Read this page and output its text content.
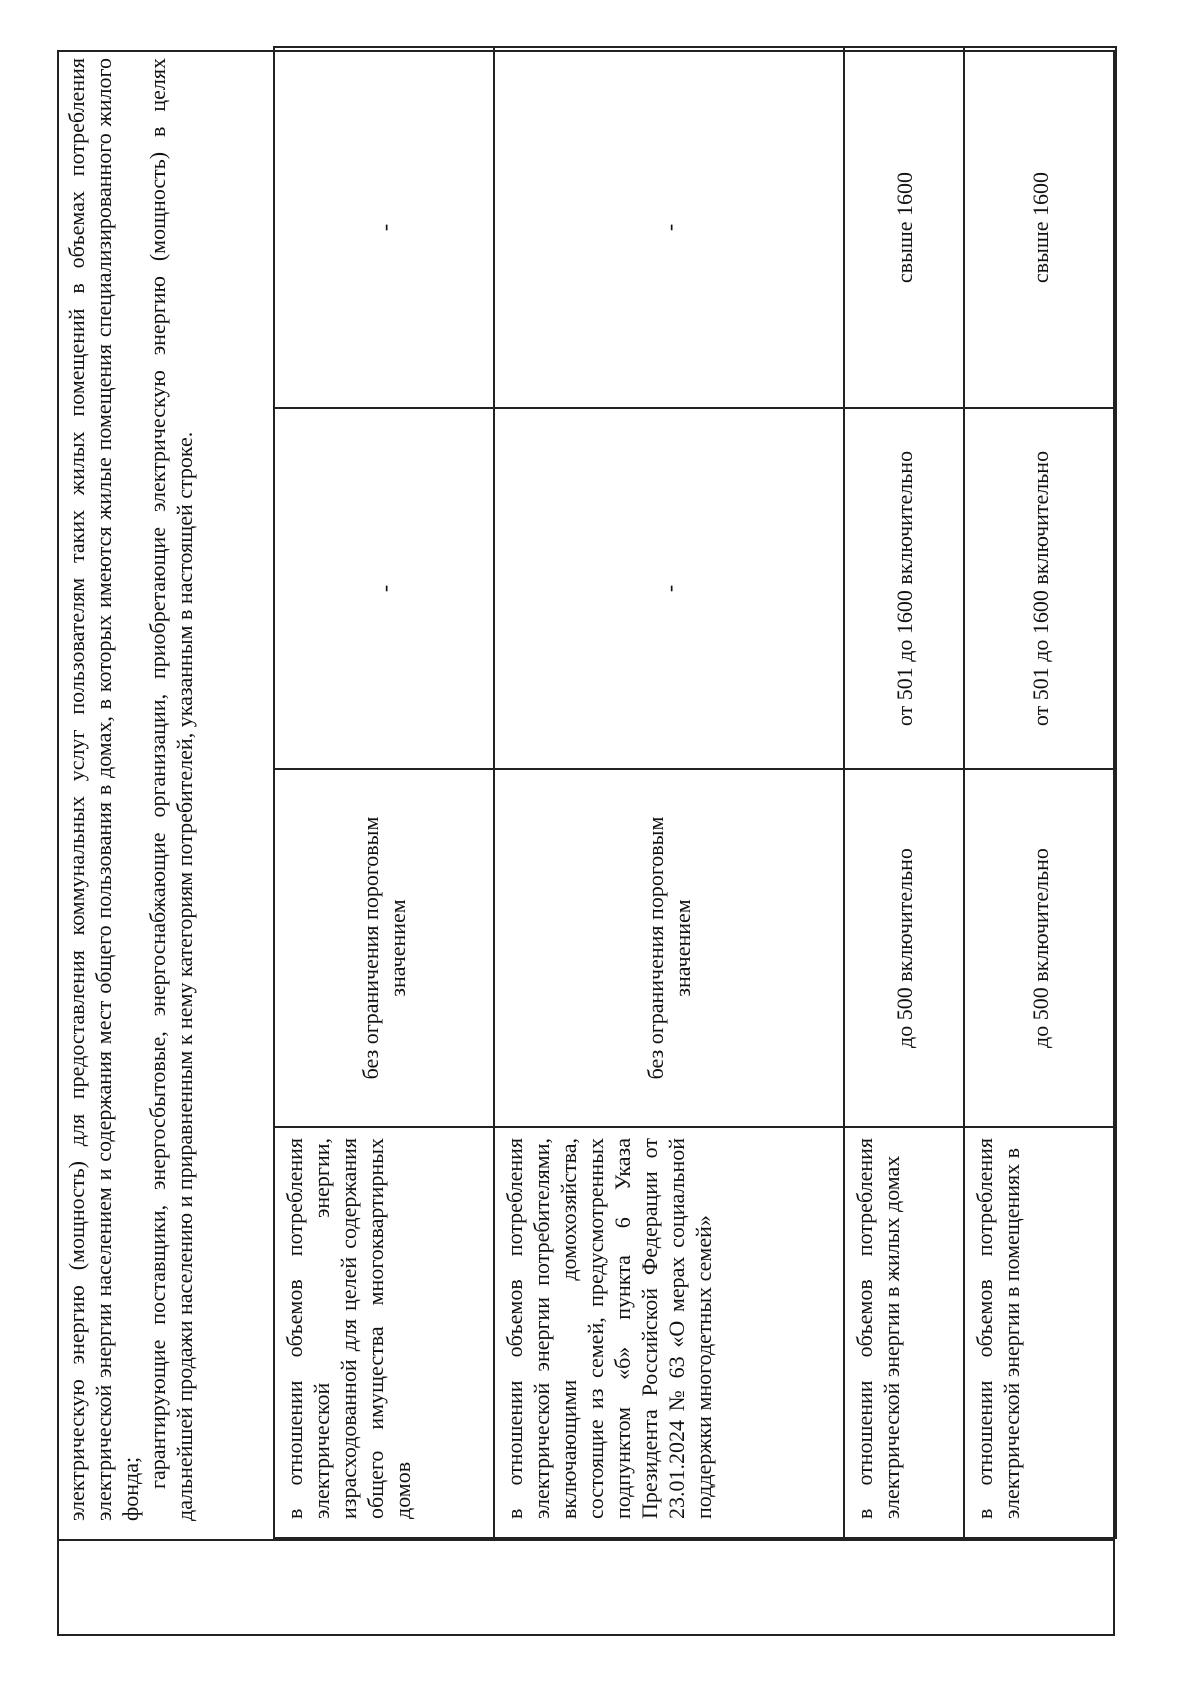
электрическую энергию (мощность) для предоставления коммунальных услуг пользователям таких жилых помещений в объемах потребления электрической энергии населением и содержания мест общего пользования в домах, в которых имеются жилые помещения специализированного жилого фонда; гарантирующие поставщики, энергосбытовые, энергоснабжающие организации, приобретающие электрическую энергию (мощность) в целях дальнейшей продажи населению и приравненным к нему категориям потребителей, указанным в настоящей строке.	в отношении объемов потребления электрической энергии, израсходованной для целей содержания общего имущества многоквартирных домов	без ограничения пороговым значением	-	-
в отношении объемов потребления электрической энергии потребителями, включающими домохозяйства, состоящие из семей, предусмотренных подпунктом «б» пункта 6 Указа Президента Российской Федерации от 23.01.2024 № 63 «О мерах социальной поддержки многодетных семей»	без ограничения пороговым значением	-	-
в отношении объемов потребления электрической энергии в жилых домах	до 500 включительно	от 501 до 1600 включительно	свыше 1600
в отношении объемов потребления электрической энергии в помещениях в	до 500 включительно	от 501 до 1600 включительно	свыше 1600
